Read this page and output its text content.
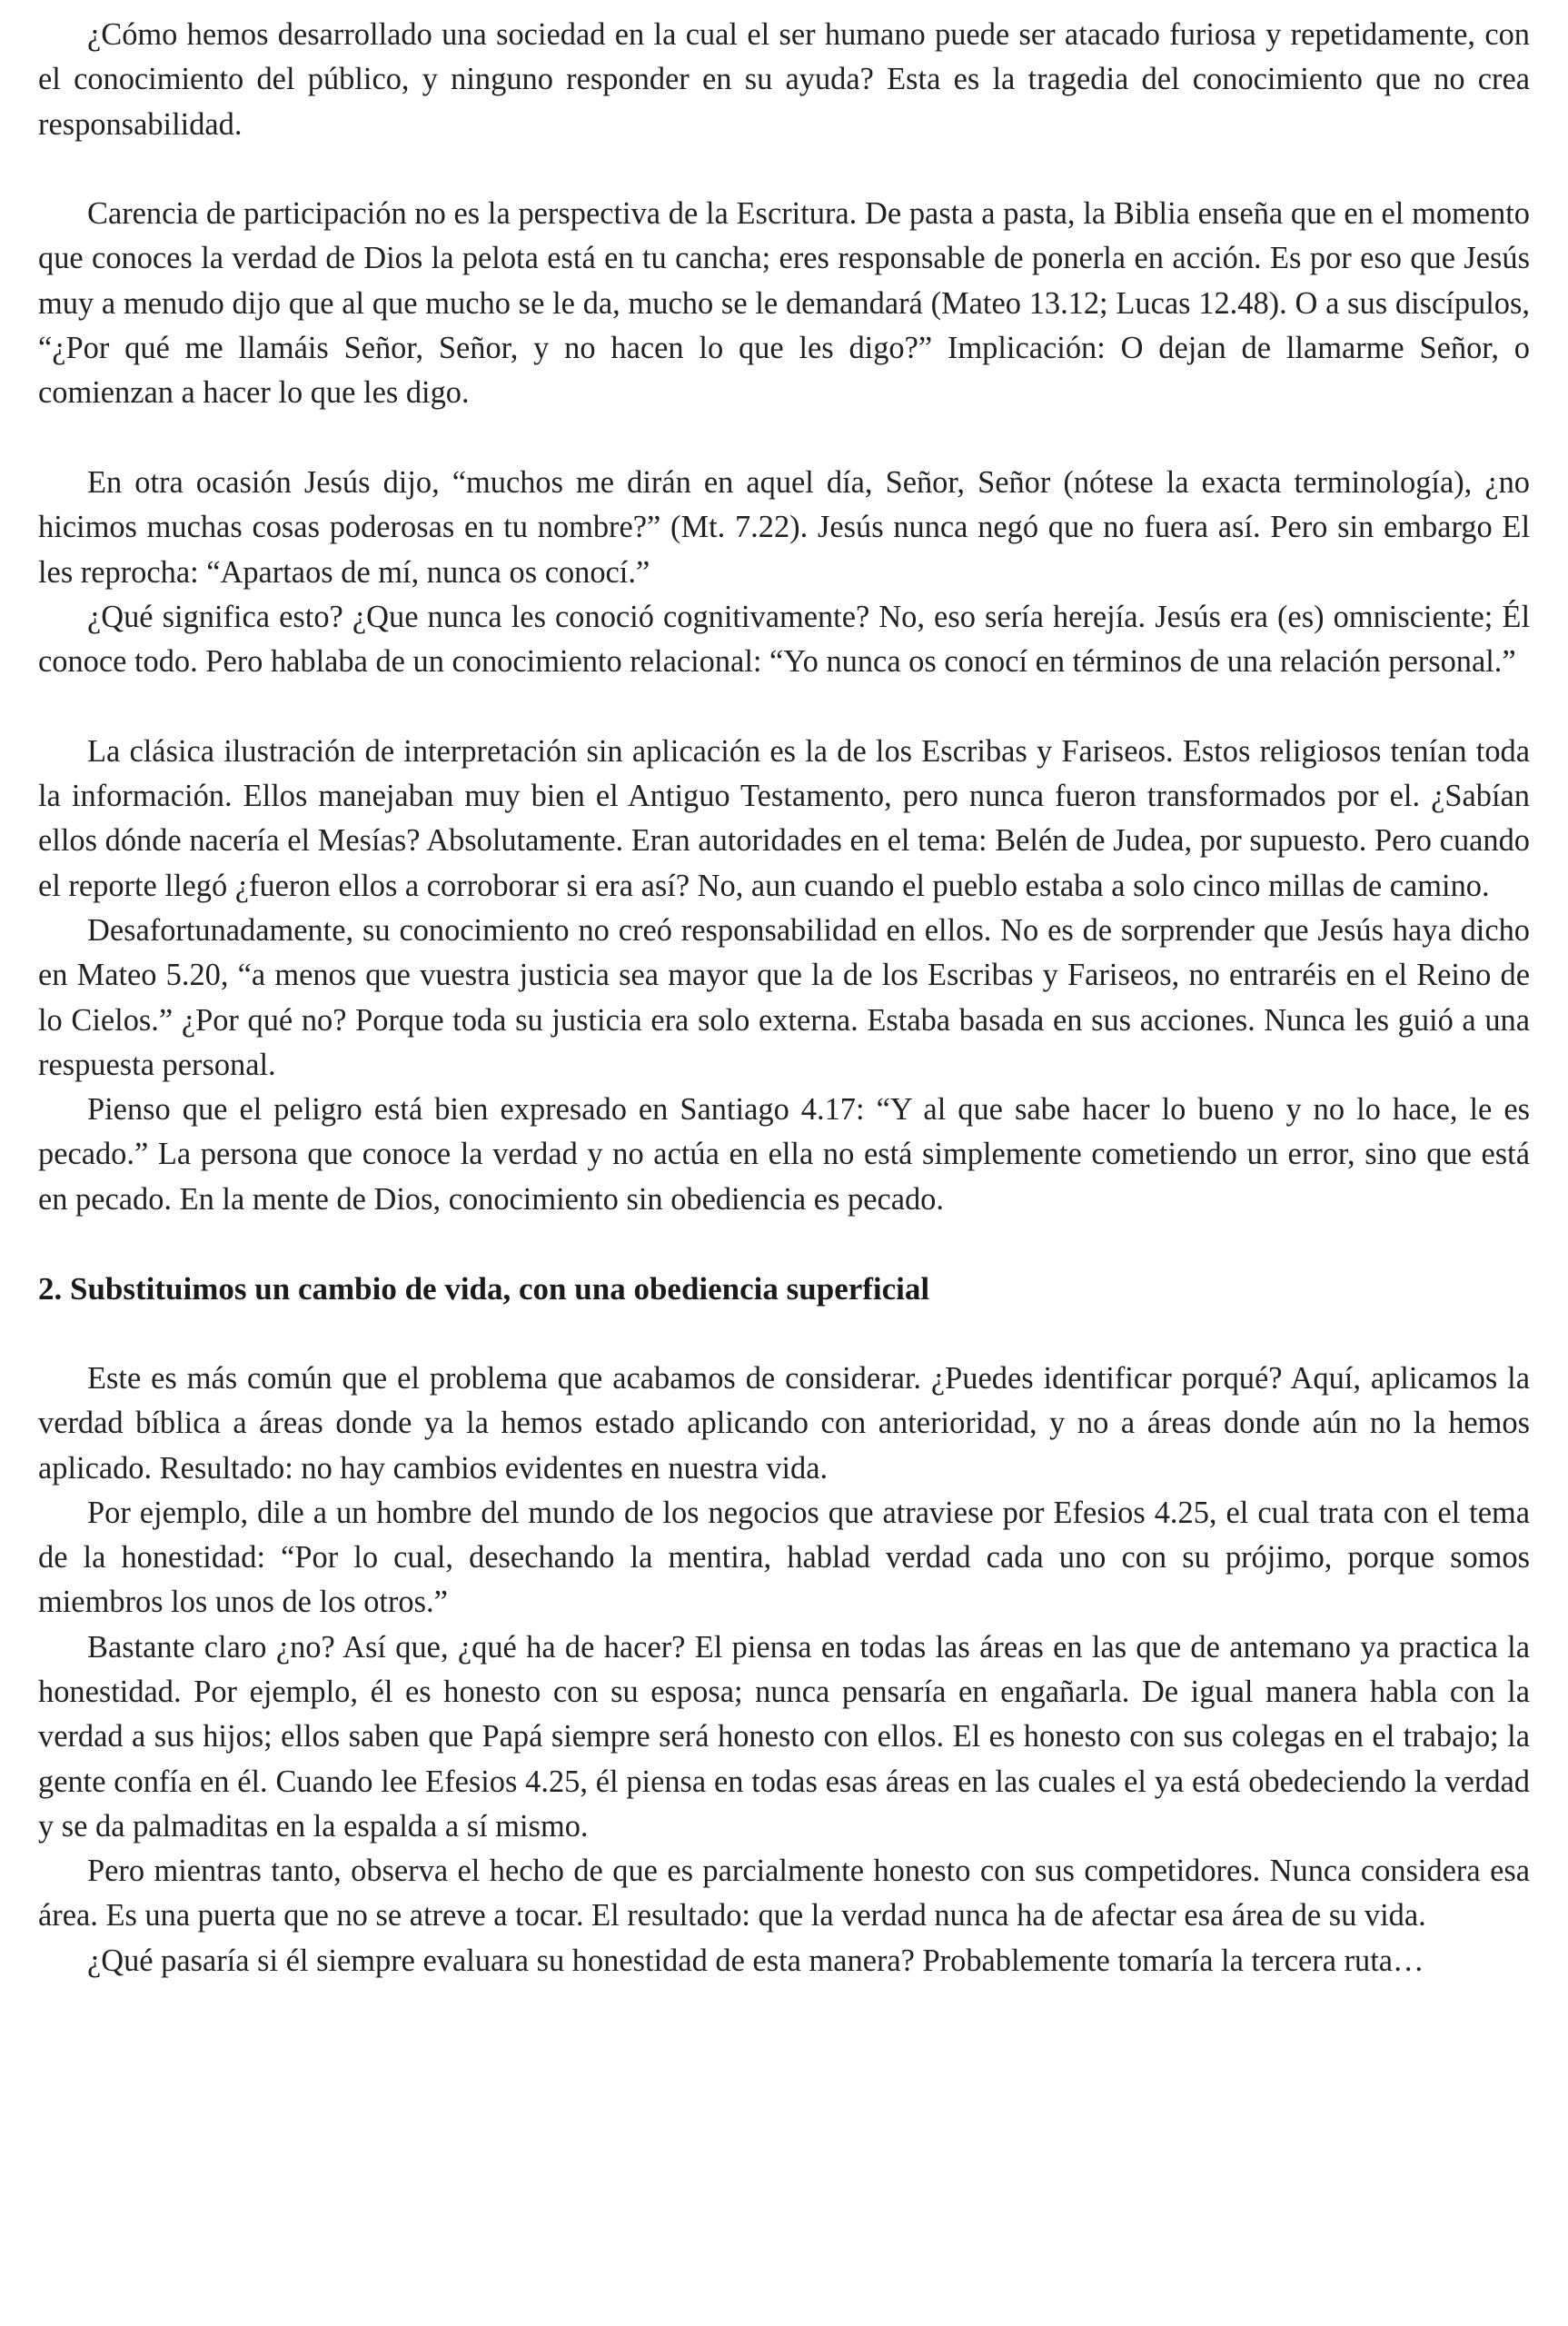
¿Cómo hemos desarrollado una sociedad en la cual el ser humano puede ser atacado furiosa y repetidamente, con el conocimiento del público, y ninguno responder en su ayuda? Esta es la tragedia del conocimiento que no crea responsabilidad.

Carencia de participación no es la perspectiva de la Escritura. De pasta a pasta, la Biblia enseña que en el momento que conoces la verdad de Dios la pelota está en tu cancha; eres responsable de ponerla en acción. Es por eso que Jesús muy a menudo dijo que al que mucho se le da, mucho se le demandará (Mateo 13.12; Lucas 12.48). O a sus discípulos, “¿Por qué me llamáis Señor, Señor, y no hacen lo que les digo?” Implicación: O dejan de llamarme Señor, o comienzan a hacer lo que les digo.

En otra ocasión Jesús dijo, “muchos me dirán en aquel día, Señor, Señor (nótese la exacta terminología), ¿no hicimos muchas cosas poderosas en tu nombre?” (Mt. 7.22). Jesús nunca negó que no fuera así. Pero sin embargo El les reprocha: “Apartaos de mí, nunca os conocí.”

¿Qué significa esto? ¿Que nunca les conoció cognitivamente? No, eso sería herejía. Jesús era (es) omnisciente; Él conoce todo. Pero hablaba de un conocimiento relacional: “Yo nunca os conocí en términos de una relación personal.”

La clásica ilustración de interpretación sin aplicación es la de los Escribas y Fariseos. Estos religiosos tenían toda la información. Ellos manejaban muy bien el Antiguo Testamento, pero nunca fueron transformados por el. ¿Sabían ellos dónde nacería el Mesías? Absolutamente. Eran autoridades en el tema: Belén de Judea, por supuesto. Pero cuando el reporte llegó ¿fueron ellos a corroborar si era así? No, aun cuando el pueblo estaba a solo cinco millas de camino.

Desafortunadamente, su conocimiento no creó responsabilidad en ellos. No es de sorprender que Jesús haya dicho en Mateo 5.20, “a menos que vuestra justicia sea mayor que la de los Escribas y Fariseos, no entraréis en el Reino de lo Cielos.” ¿Por qué no? Porque toda su justicia era solo externa. Estaba basada en sus acciones. Nunca les guió a una respuesta personal.

Pienso que el peligro está bien expresado en Santiago 4.17: “Y al que sabe hacer lo bueno y no lo hace, le es pecado.” La persona que conoce la verdad y no actúa en ella no está simplemente cometiendo un error, sino que está en pecado. En la mente de Dios, conocimiento sin obediencia es pecado.

2. Substituimos un cambio de vida, con una obediencia superficial

Este es más común que el problema que acabamos de considerar. ¿Puedes identificar porqué? Aquí, aplicamos la verdad bíblica a áreas donde ya la hemos estado aplicando con anterioridad, y no a áreas donde aún no la hemos aplicado. Resultado: no hay cambios evidentes en nuestra vida.

Por ejemplo, dile a un hombre del mundo de los negocios que atraviese por Efesios 4.25, el cual trata con el tema de la honestidad: “Por lo cual, desechando la mentira, hablad verdad cada uno con su prójimo, porque somos miembros los unos de los otros.”

Bastante claro ¿no? Así que, ¿qué ha de hacer? El piensa en todas las áreas en las que de antemano ya practica la honestidad. Por ejemplo, él es honesto con su esposa; nunca pensaría en engañarla. De igual manera habla con la verdad a sus hijos; ellos saben que Papá siempre será honesto con ellos. El es honesto con sus colegas en el trabajo; la gente confía en él. Cuando lee Efesios 4.25, él piensa en todas esas áreas en las cuales el ya está obedeciendo la verdad y se da palmaditas en la espalda a sí mismo.

Pero mientras tanto, observa el hecho de que es parcialmente honesto con sus competidores. Nunca considera esa área. Es una puerta que no se atreve a tocar. El resultado: que la verdad nunca ha de afectar esa área de su vida.

¿Qué pasaría si él siempre evaluara su honestidad de esta manera? Probablemente tomaría la tercera ruta…
